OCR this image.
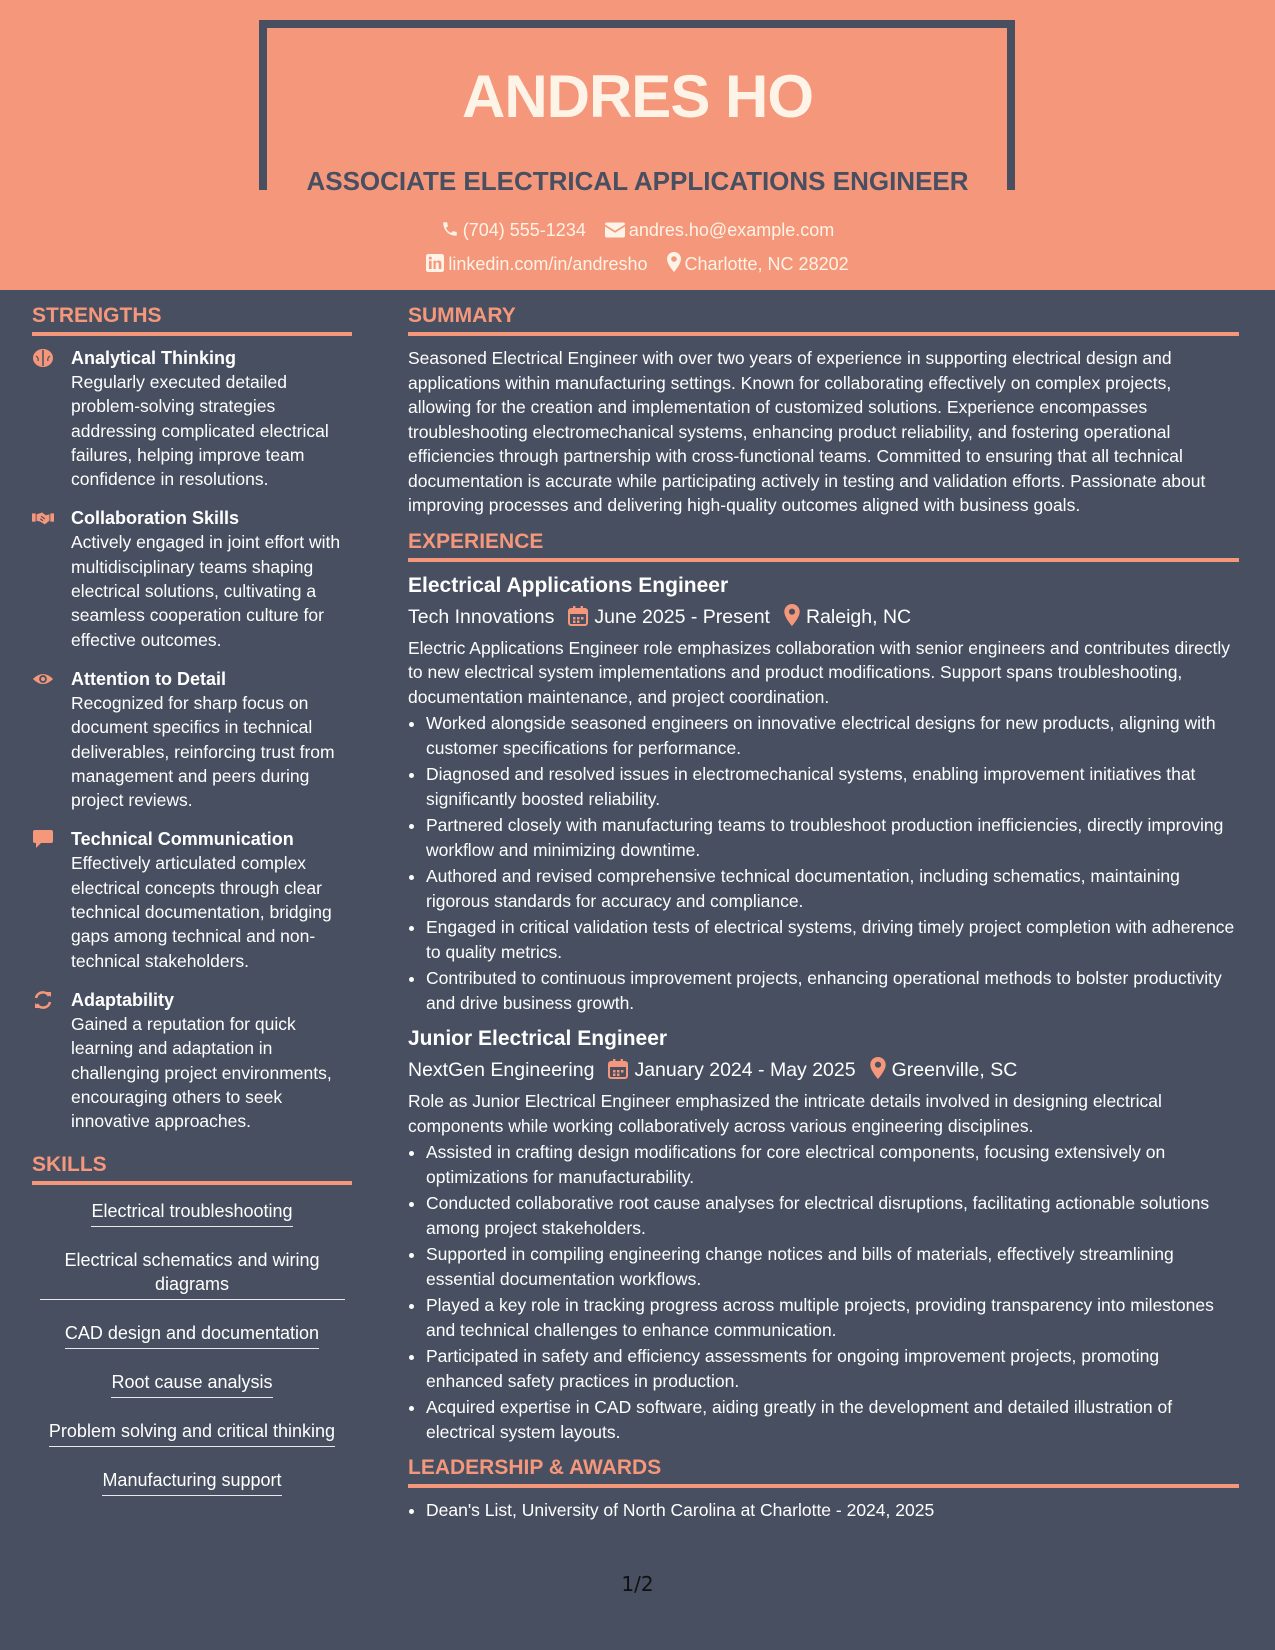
ANDRES HO
ASSOCIATE ELECTRICAL APPLICATIONS ENGINEER
(704) 555-1234 andres.ho@example.com
linkedin.com/in/andresho Charlotte, NC 28202
STRENGTHS
Analytical Thinking
Regularly executed detailed problem-solving strategies addressing complicated electrical failures, helping improve team confidence in resolutions.
Collaboration Skills
Actively engaged in joint effort with multidisciplinary teams shaping electrical solutions, cultivating a seamless cooperation culture for effective outcomes.
Attention to Detail
Recognized for sharp focus on document specifics in technical deliverables, reinforcing trust from management and peers during project reviews.
Technical Communication
Effectively articulated complex electrical concepts through clear technical documentation, bridging gaps among technical and non-technical stakeholders.
Adaptability
Gained a reputation for quick learning and adaptation in challenging project environments, encouraging others to seek innovative approaches.
SKILLS
Electrical troubleshooting
Electrical schematics and wiring diagrams
CAD design and documentation
Root cause analysis
Problem solving and critical thinking
Manufacturing support
SUMMARY

Seasoned Electrical Engineer with over two years of experience in supporting electrical design and applications within manufacturing settings. Known for collaborating effectively on complex projects, allowing for the creation and implementation of customized solutions. Experience encompasses troubleshooting electromechanical systems, enhancing product reliability, and fostering operational efficiencies through partnership with cross-functional teams. Committed to ensuring that all technical documentation is accurate while participating actively in testing and validation efforts. Passionate about improving processes and delivering high-quality outcomes aligned with business goals.

EXPERIENCE
Electrical Applications Engineer
Tech Innovations June 2025 - Present Raleigh, NC

Electric Applications Engineer role emphasizes collaboration with senior engineers and contributes directly to new electrical system implementations and product modifications. Support spans troubleshooting, documentation maintenance, and project coordination.

• Worked alongside seasoned engineers on innovative electrical designs for new products, aligning with customer specifications for performance.
• Diagnosed and resolved issues in electromechanical systems, enabling improvement initiatives that significantly boosted reliability.
• Partnered closely with manufacturing teams to troubleshoot production inefficiencies, directly improving workflow and minimizing downtime.
• Authored and revised comprehensive technical documentation, including schematics, maintaining rigorous standards for accuracy and compliance.
• Engaged in critical validation tests of electrical systems, driving timely project completion with adherence to quality metrics.
• Contributed to continuous improvement projects, enhancing operational methods to bolster productivity and drive business growth.
Junior Electrical Engineer
NextGen Engineering January 2024 - May 2025 Greenville, SC

Role as Junior Electrical Engineer emphasized the intricate details involved in designing electrical components while working collaboratively across various engineering disciplines.

• Assisted in crafting design modifications for core electrical components, focusing extensively on optimizations for manufacturability.
• Conducted collaborative root cause analyses for electrical disruptions, facilitating actionable solutions among project stakeholders.
• Supported in compiling engineering change notices and bills of materials, effectively streamlining essential documentation workflows.
• Played a key role in tracking progress across multiple projects, providing transparency into milestones and technical challenges to enhance communication.
• Participated in safety and efficiency assessments for ongoing improvement projects, promoting enhanced safety practices in production.
• Acquired expertise in CAD software, aiding greatly in the development and detailed illustration of electrical system layouts.
LEADERSHIP & AWARDS
• Dean's List, University of North Carolina at Charlotte - 2024, 2025
1/2
